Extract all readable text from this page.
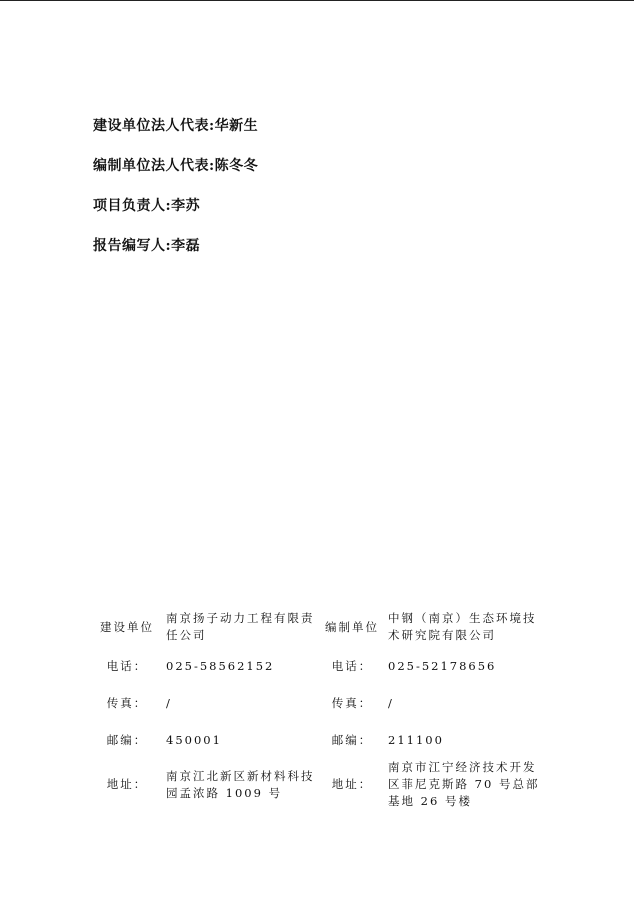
建设单位法人代表:华新生
编制单位法人代表:陈冬冬
项目负责人:李苏
报告编写人:李磊
建设单位	南京扬子动力工程有限责任公司	编制单位	中钢（南京）生态环境技术研究院有限公司
电话：	025-58562152	电话：	025-52178656
传真：	/	传真：	/
邮编：	450001	邮编：	211100
地址：	南京江北新区新材料科技园孟浓路 1009 号	地址：	南京市江宁经济技术开发区菲尼克斯路 70 号总部基地 26 号楼
